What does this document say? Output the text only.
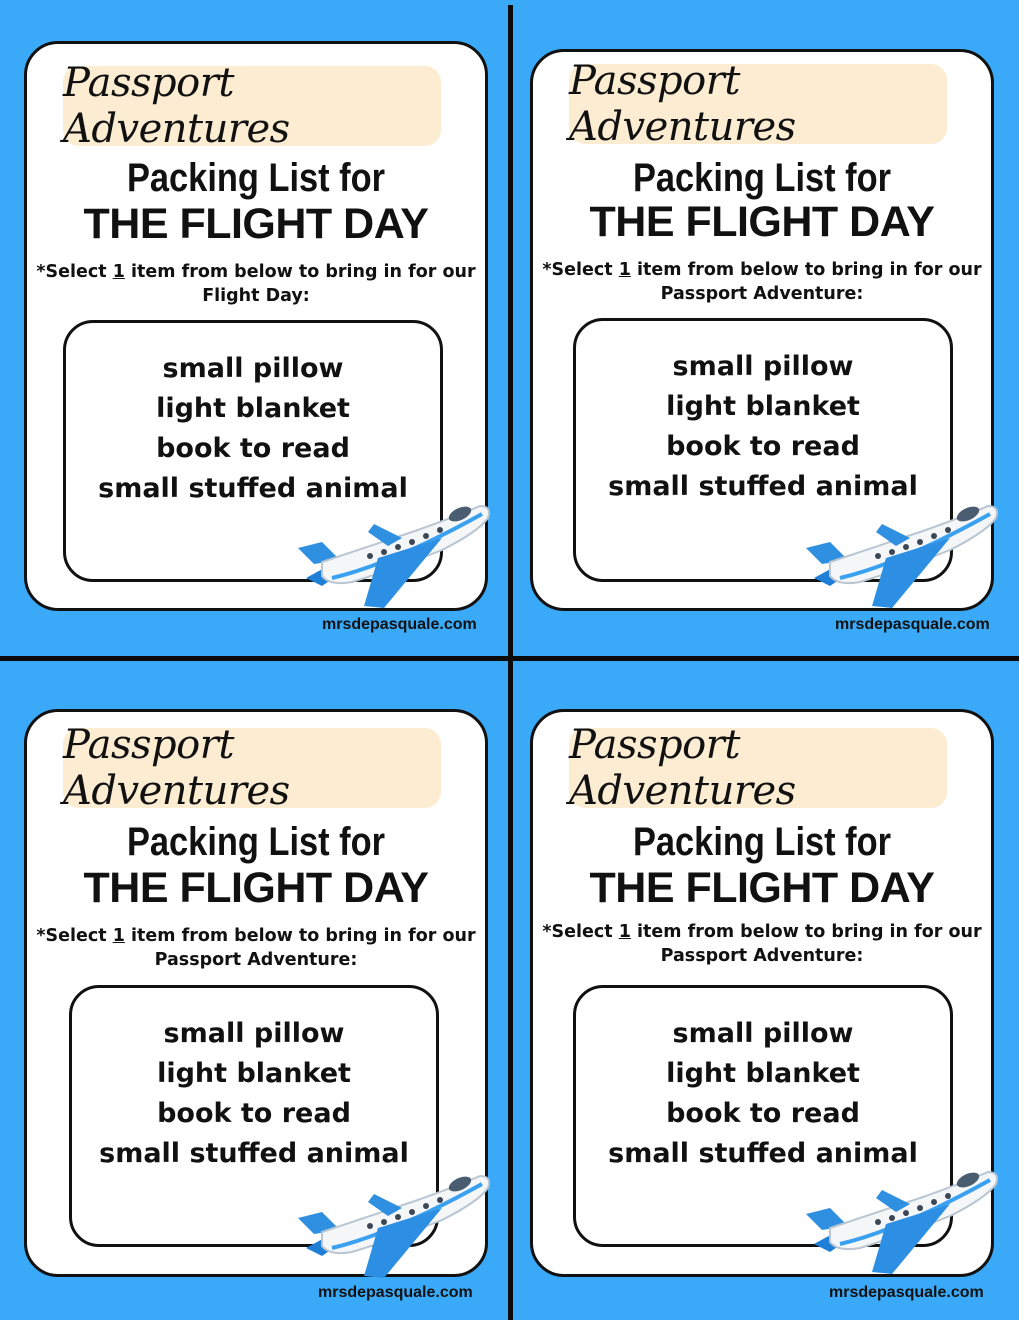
Passport Adventures
Packing List for
THE FLIGHT DAY
*Select 1 item from below to bring in for our
Flight Day:
small pillow
light blanket
book to read
small stuffed animal
mrsdepasquale.com
Passport Adventures
Packing List for
THE FLIGHT DAY
*Select 1 item from below to bring in for our
Passport Adventure:
small pillow
light blanket
book to read
small stuffed animal
mrsdepasquale.com
Passport Adventures
Packing List for
THE FLIGHT DAY
*Select 1 item from below to bring in for our
Passport Adventure:
small pillow
light blanket
book to read
small stuffed animal
mrsdepasquale.com
Passport Adventures
Packing List for
THE FLIGHT DAY
*Select 1 item from below to bring in for our
Passport Adventure:
small pillow
light blanket
book to read
small stuffed animal
mrsdepasquale.com
